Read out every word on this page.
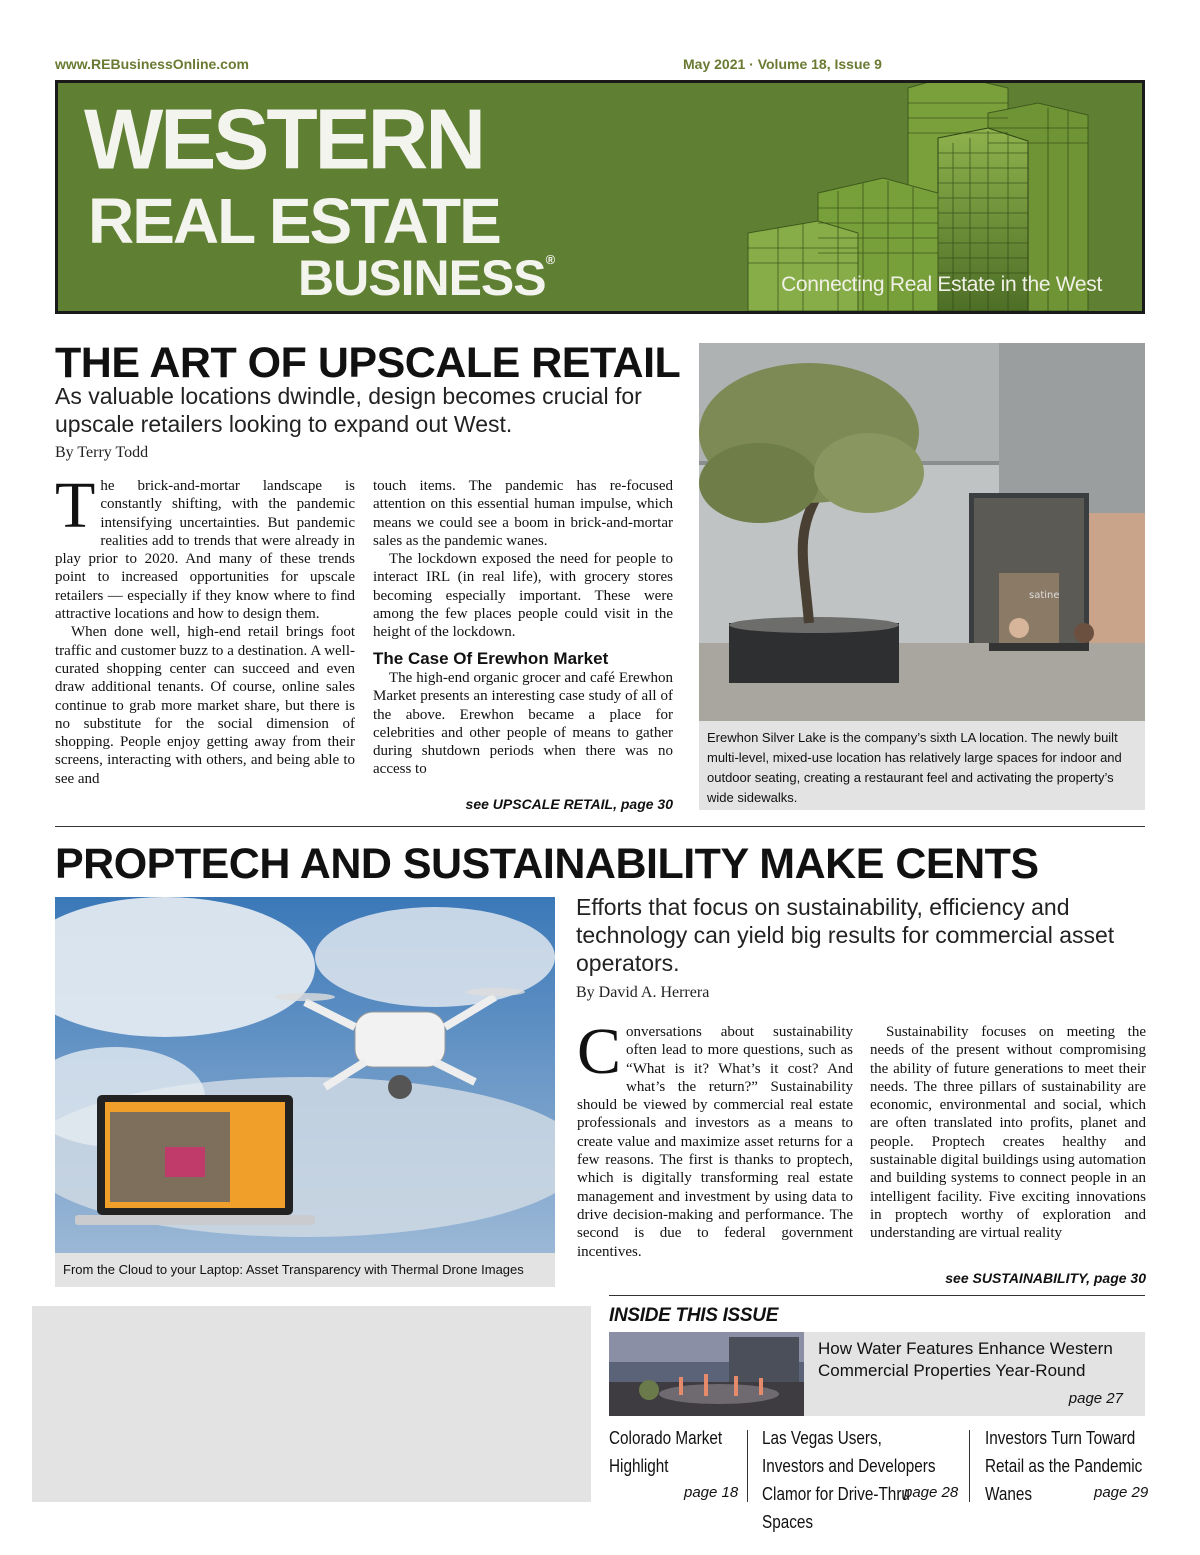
www.REBusinessOnline.com	May 2021 · Volume 18, Issue 9
WESTERN
REAL ESTATE
BUSINESS®
Connecting Real Estate in the West
THE ART OF UPSCALE RETAIL
As valuable locations dwindle, design becomes crucial for upscale retailers looking to expand out West.
By Terry Todd

The brick-and-mortar landscape is constantly shifting, with the pandemic intensifying uncertainties. But pandemic realities add to trends that were already in play prior to 2020. And many of these trends point to increased opportunities for upscale retailers — especially if they know where to find attractive locations and how to design them.

When done well, high-end retail brings foot traffic and customer buzz to a destination. A well-curated shopping center can succeed and even draw additional tenants. Of course, online sales continue to grab more market share, but there is no substitute for the social dimension of shopping. People enjoy getting away from their screens, interacting with others, and being able to see and

touch items. The pandemic has re-focused attention on this essential human impulse, which means we could see a boom in brick-and-mortar sales as the pandemic wanes.

The lockdown exposed the need for people to interact IRL (in real life), with grocery stores becoming especially important. These were among the few places people could visit in the height of the lockdown.

The Case Of Erewhon Market

The high-end organic grocer and café Erewhon Market presents an interesting case study of all of the above. Erewhon became a place for celebrities and other people of means to gather during shutdown periods when there was no access to

see UPSCALE RETAIL, page 30
satine
Erewhon Silver Lake is the company’s sixth LA location. The newly built multi-level, mixed-use location has relatively large spaces for indoor and outdoor seating, creating a restaurant feel and activating the property’s wide sidewalks.
PROPTECH AND SUSTAINABILITY MAKE CENTS
From the Cloud to your Laptop: Asset Transparency with Thermal Drone Images
Efforts that focus on sustainability, efficiency and technology can yield big results for commercial asset operators.
By David A. Herrera

Conversations about sustainability often lead to more questions, such as “What is it? What’s it cost? And what’s the return?” Sustainability should be viewed by commercial real estate professionals and investors as a means to create value and maximize asset returns for a few reasons. The first is thanks to proptech, which is digitally transforming real estate management and investment by using data to drive decision-making and performance. The second is due to federal government incentives.

Sustainability focuses on meeting the needs of the present without compromising the ability of future generations to meet their needs. The three pillars of sustainability are economic, environmental and social, which are often translated into profits, planet and people. Proptech creates healthy and sustainable digital buildings using automation and building systems to connect people in an intelligent facility. Five exciting innovations in proptech worthy of exploration and understanding are virtual reality

see SUSTAINABILITY, page 30
INSIDE THIS ISSUE
How Water Features Enhance Western Commercial Properties Year-Round
page 27
Colorado Market Highlight
page 18
Las Vegas Users, Investors and Developers Clamor for Drive-Thru Spaces
page 28
Investors Turn Toward Retail as the Pandemic Wanes	page 29
